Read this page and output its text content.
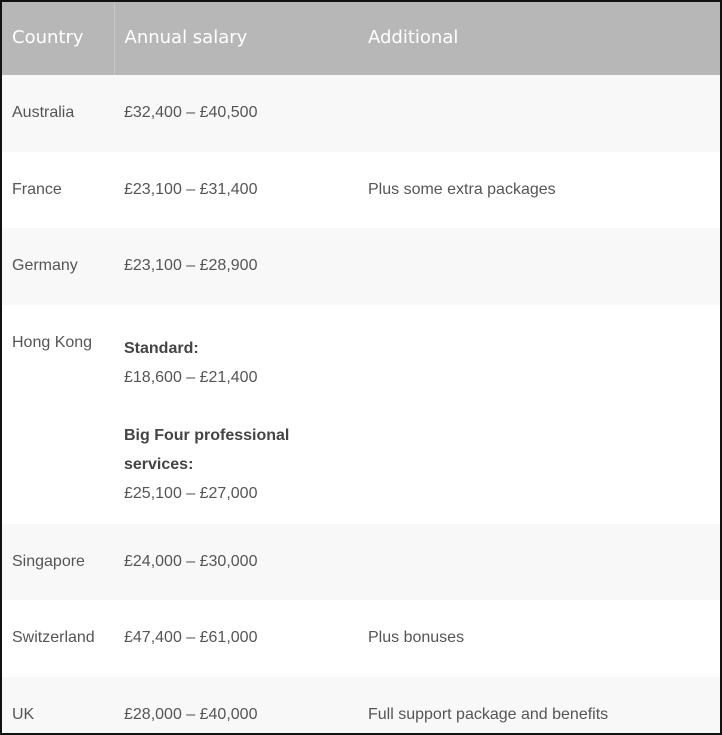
Country	Annual salary	Additional
Australia	£32,400 – £40,500	
France	£23,100 – £31,400	Plus some extra packages
Germany	£23,100 – £28,900	
Hong Kong	Standard:
£18,600 – £21,400
Big Four professional
services:
£25,100 – £27,000	

Singapore	£24,000 – £30,000	
Switzerland	£47,400 – £61,000	Plus bonuses
UK	£28,000 – £40,000	Full support package and benefits
